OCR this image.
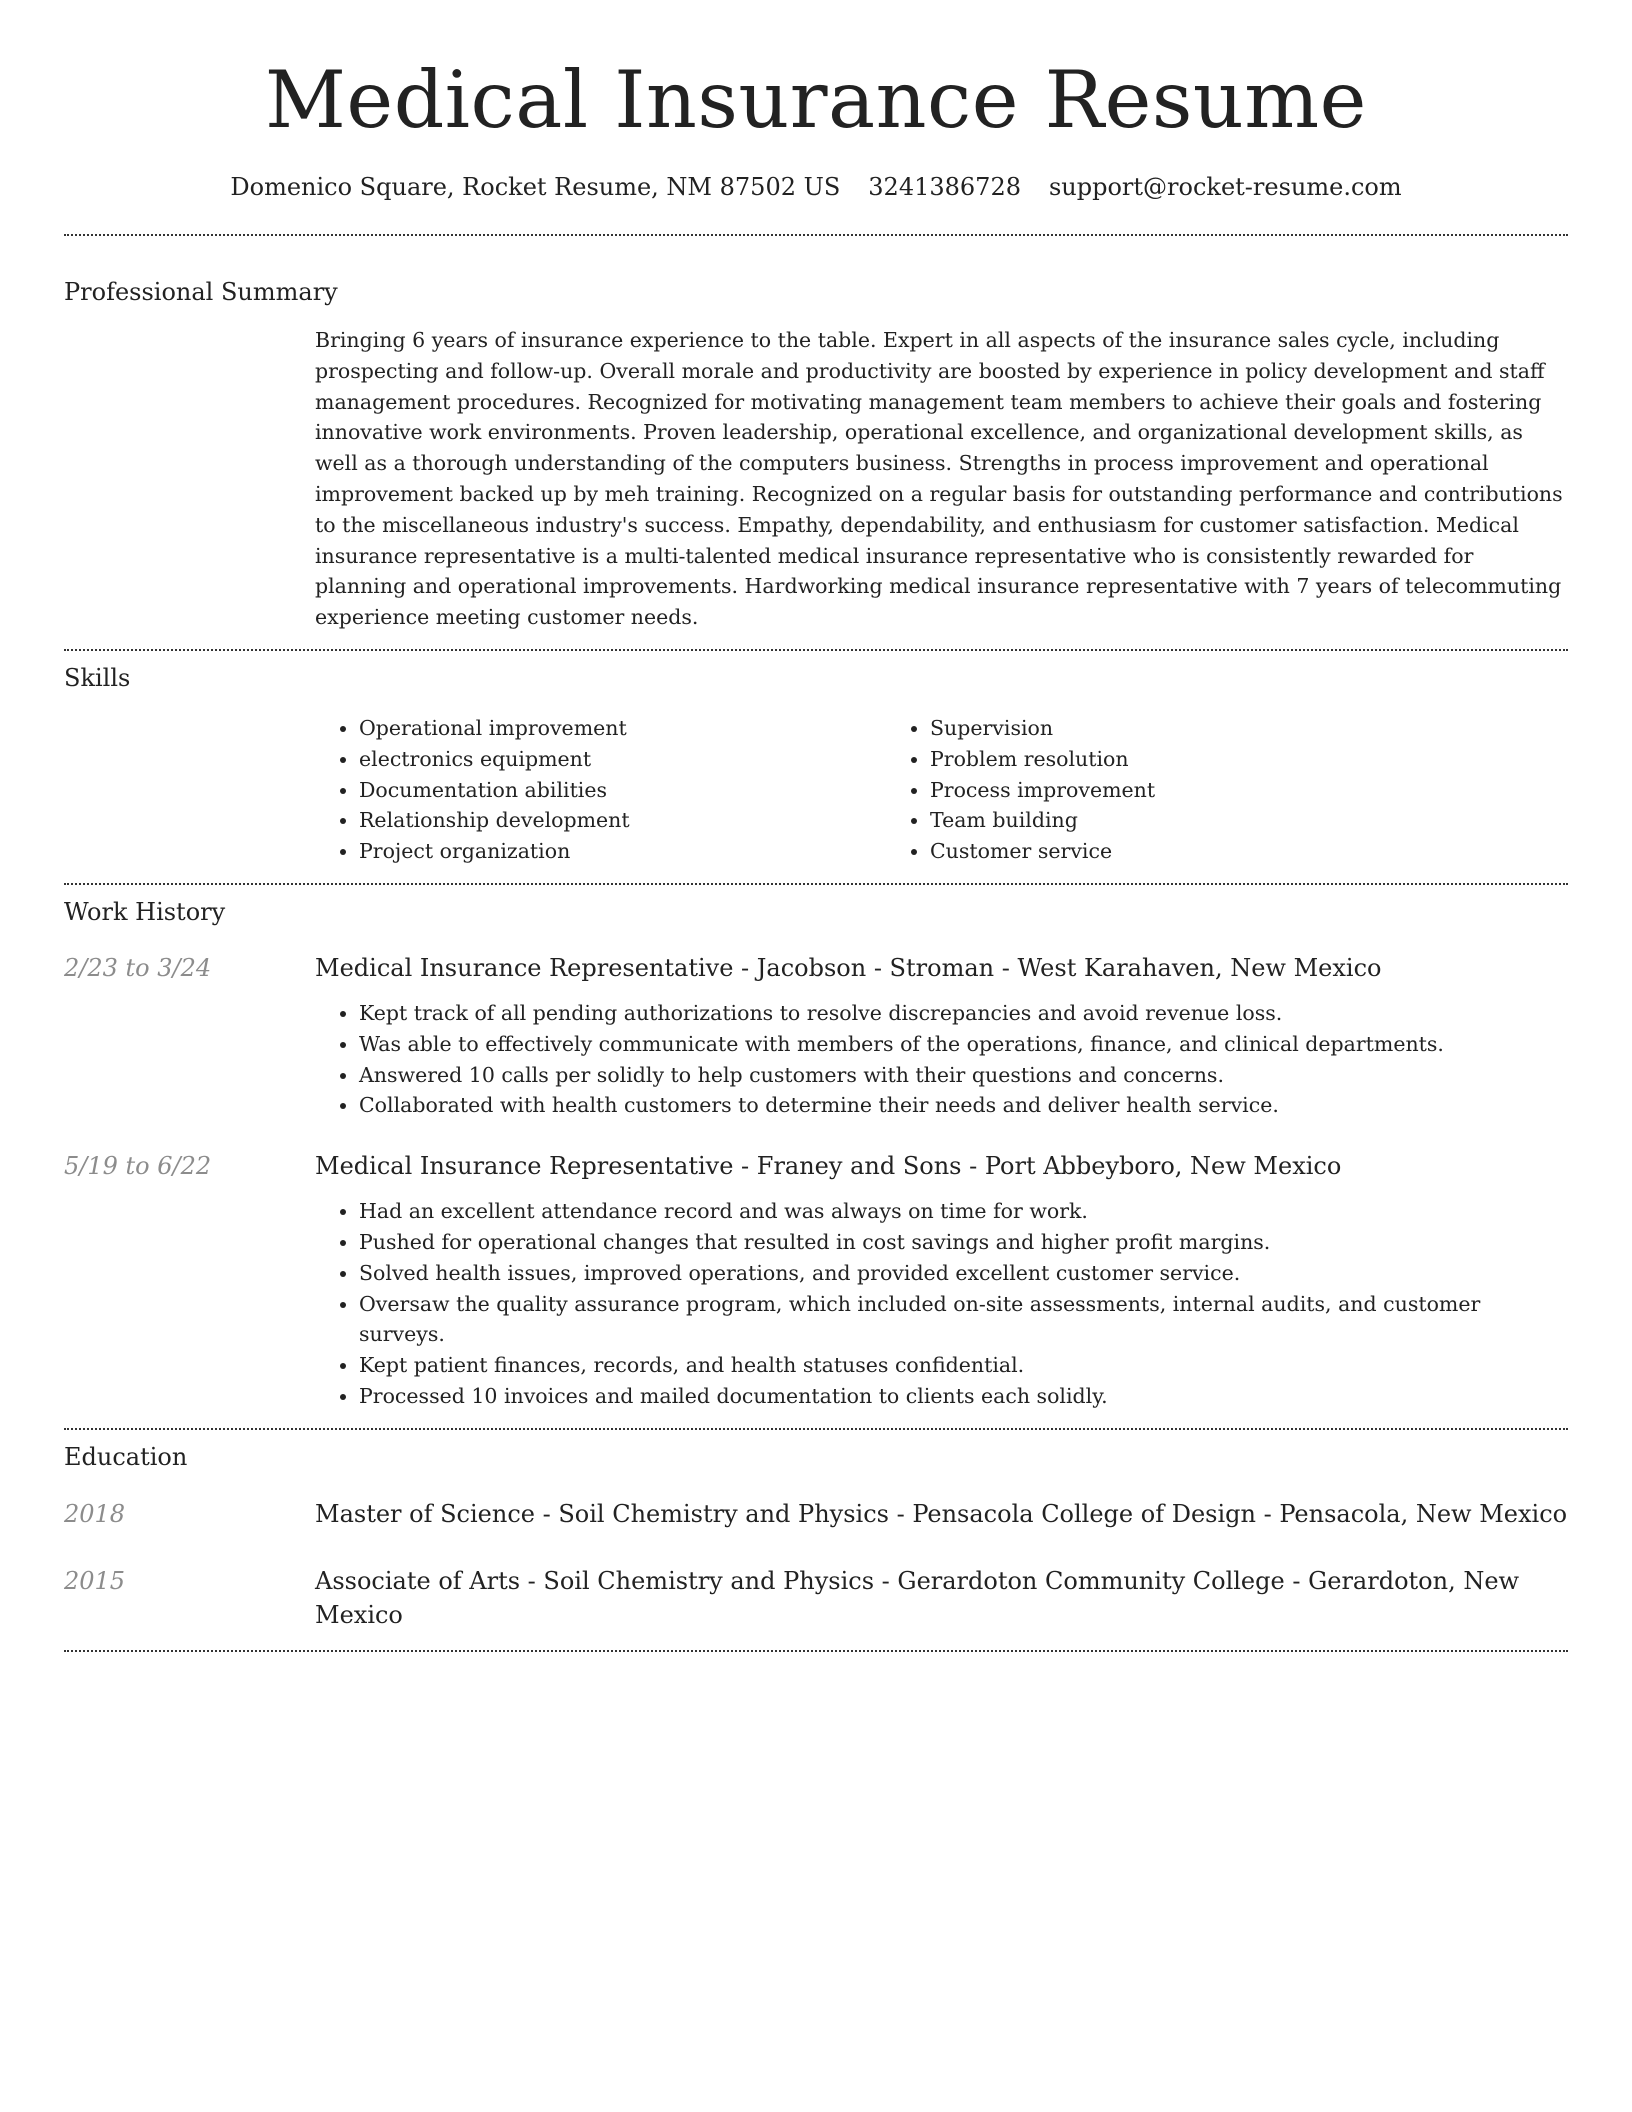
Medical Insurance Resume
Domenico Square, Rocket Resume, NM 87502 US 3241386728 support@rocket-resume.com
Professional Summary

Bringing 6 years of insurance experience to the table. Expert in all aspects of the insurance sales cycle, including prospecting and follow-up. Overall morale and productivity are boosted by experience in policy development and staff management procedures. Recognized for motivating management team members to achieve their goals and fostering innovative work environments. Proven leadership, operational excellence, and organizational development skills, as well as a thorough understanding of the computers business. Strengths in process improvement and operational improvement backed up by meh training. Recognized on a regular basis for outstanding performance and contributions to the miscellaneous industry's success. Empathy, dependability, and enthusiasm for customer satisfaction. Medical insurance representative is a multi-talented medical insurance representative who is consistently rewarded for planning and operational improvements. Hardworking medical insurance representative with 7 years of telecommuting experience meeting customer needs.

Skills
• Operational improvement
• electronics equipment
• Documentation abilities
• Relationship development
• Project organization
• Supervision
• Problem resolution
• Process improvement
• Team building
• Customer service
Work History
2/23 to 3/24	Medical Insurance Representative - Jacobson - Stroman - West Karahaven, New Mexico
• Kept track of all pending authorizations to resolve discrepancies and avoid revenue loss.
• Was able to effectively communicate with members of the operations, finance, and clinical departments.
• Answered 10 calls per solidly to help customers with their questions and concerns.
• Collaborated with health customers to determine their needs and deliver health service.
5/19 to 6/22	Medical Insurance Representative - Franey and Sons - Port Abbeyboro, New Mexico
• Had an excellent attendance record and was always on time for work.
• Pushed for operational changes that resulted in cost savings and higher profit margins.
• Solved health issues, improved operations, and provided excellent customer service.
• Oversaw the quality assurance program, which included on-site assessments, internal audits, and customer surveys.
• Kept patient finances, records, and health statuses confidential.
• Processed 10 invoices and mailed documentation to clients each solidly.
Education
2018	Master of Science - Soil Chemistry and Physics - Pensacola College of Design - Pensacola, New Mexico
2015	Associate of Arts - Soil Chemistry and Physics - Gerardoton Community College - Gerardoton, New Mexico
